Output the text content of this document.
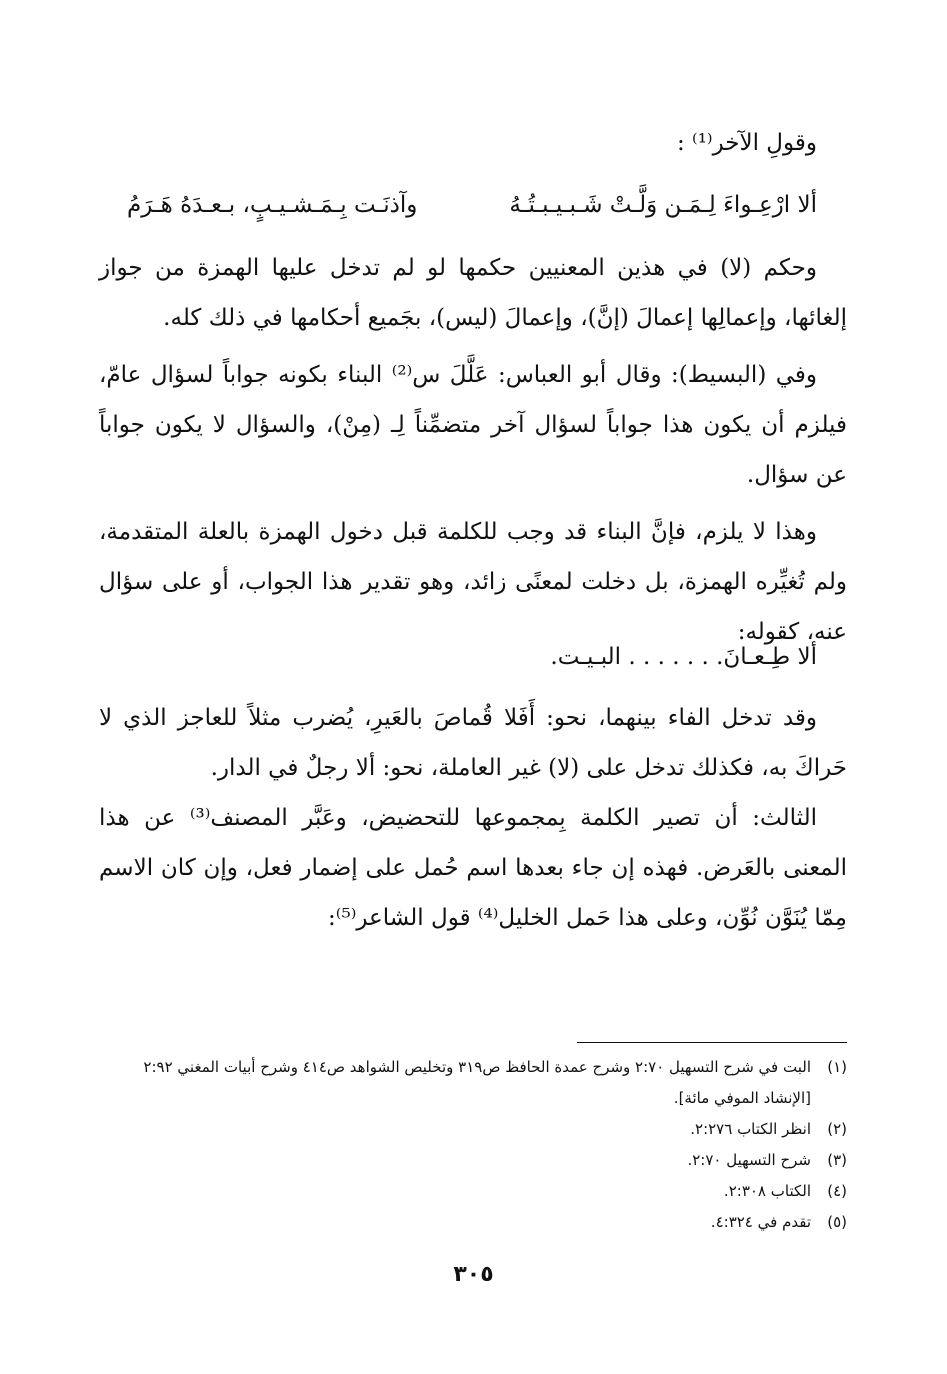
وقولِ الآخر⁽¹⁾ :
ألا ارْعِـواءَ لِـمَـن وَلَّـتْ شَـبـيـبـتُـهُ
وآذنَـت بِـمَـشـيـبٍ، بـعـدَهُ هَـرَمُ

وحكم (لا) في هذين المعنيين حكمها لو لم تدخل عليها الهمزة من جواز إلغائها، وإعمالِها إعمالَ (إنَّ)، وإعمالَ (ليس)، بجَميع أحكامها في ذلك كله.

وفي (البسيط): وقال أبو العباس: عَلَّلَ س⁽²⁾ البناء بكونه جواباً لسؤال عامّ، فيلزم أن يكون هذا جواباً لسؤال آخر متضمِّناً لِـ (مِنْ)، والسؤال لا يكون جواباً عن سؤال.

وهذا لا يلزم، فإنَّ البناء قد وجب للكلمة قبل دخول الهمزة بالعلة المتقدمة، ولم تُغيِّره الهمزة، بل دخلت لمعنًى زائد، وهو تقدير هذا الجواب، أو على سؤال عنه، كقوله:

ألا طِـعـانَ. . . . . . . البـيـت.

وقد تدخل الفاء بينهما، نحو: أَفَلا قُماصَ بالعَيرِ، يُضرب مثلاً للعاجز الذي لا حَراكَ به، فكذلك تدخل على (لا) غير العاملة، نحو: ألا رجلٌ في الدار.

الثالث: أن تصير الكلمة بِمجموعها للتحضيض، وعَبَّر المصنف⁽³⁾ عن هذا المعنى بالعَرض. فهذه إن جاء بعدها اسم حُمل على إضمار فعل، وإن كان الاسم مِمّا يُنَوَّن نُوِّن، وعلى هذا حَمل الخليل⁽⁴⁾ قول الشاعر⁽⁵⁾:

(١)
البت في شرح التسهيل ٢:٧٠ وشرح عمدة الحافظ ص٣١٩ وتخليص الشواهد ص٤١٤ وشرح أبيات المغني ٢:٩٢ [الإنشاد الموفي مائة].
(٢)
انظر الكتاب ٢:٢٧٦.
(٣)
شرح التسهيل ٢:٧٠.
(٤)
الكتاب ٢:٣٠٨.
(٥)
تقدم في ٤:٣٢٤.
٣٠٥
